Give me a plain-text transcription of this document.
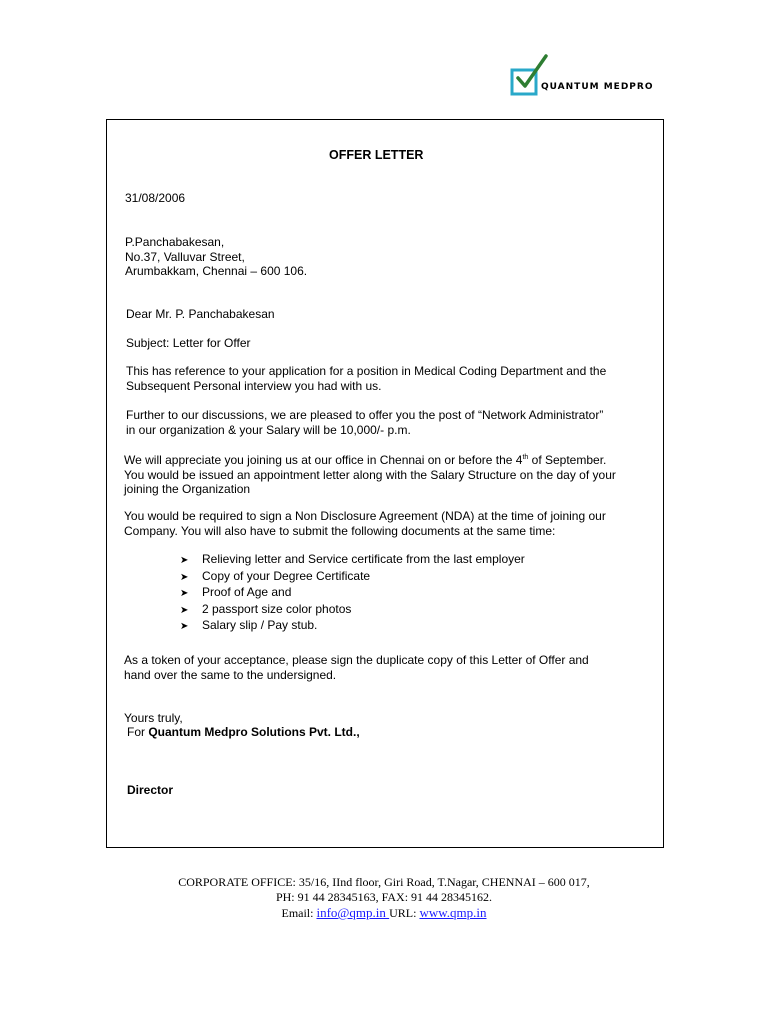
QUANTUM MEDPRO
OFFER LETTER
31/08/2006
P.Panchabakesan,
No.37, Valluvar Street,
Arumbakkam, Chennai – 600 106.
Dear Mr. P. Panchabakesan
Subject: Letter for Offer
This has reference to your application for a position in Medical Coding Department and the
Subsequent Personal interview you had with us.
Further to our discussions, we are pleased to offer you the post of “Network Administrator”
in our organization & your Salary will be 10,000/- p.m.
We will appreciate you joining us at our office in Chennai on or before the 4th of September.
You would be issued an appointment letter along with the Salary Structure on the day of your
joining the Organization
You would be required to sign a Non Disclosure Agreement (NDA) at the time of joining our
Company. You will also have to submit the following documents at the same time:
➤ Relieving letter and Service certificate from the last employer
➤ Copy of your Degree Certificate
➤ Proof of Age and
➤ 2 passport size color photos
➤ Salary slip / Pay stub.
As a token of your acceptance, please sign the duplicate copy of this Letter of Offer and
hand over the same to the undersigned.
Yours truly,
For Quantum Medpro Solutions Pvt. Ltd.,
Director
CORPORATE OFFICE: 35/16, IInd floor, Giri Road, T.Nagar, CHENNAI – 600 017,
PH: 91 44 28345163, FAX: 91 44 28345162.
Email: info@qmp.in URL: www.qmp.in
